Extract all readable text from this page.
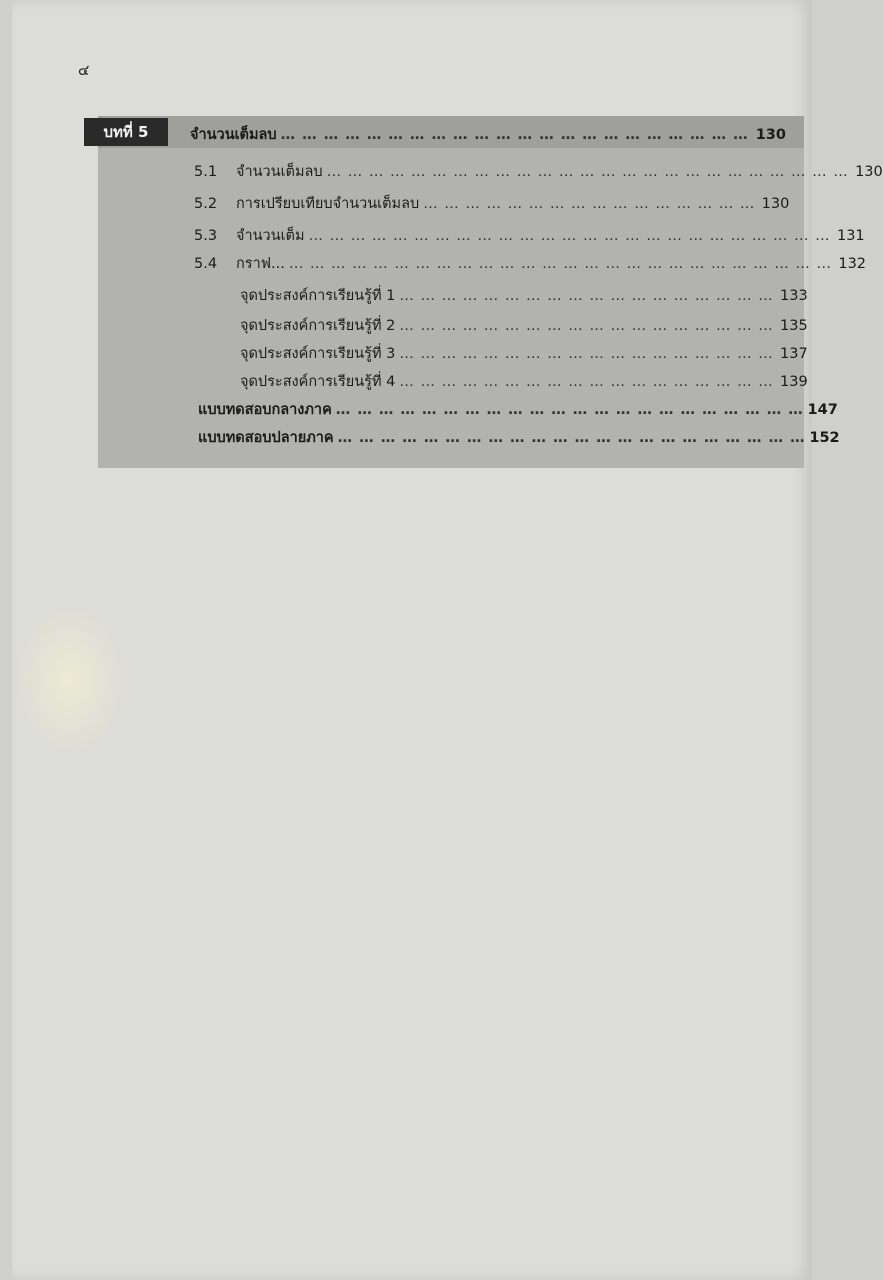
๔
บทที่ 5	จำนวนเต็มลบ … … … … … … … … … … … … … … … … … … … … … … 130
5.1	จำนวนเต็มลบ … … … … … … … … … … … … … … … … … … … … … … … … … 130
5.2	การเปรียบเทียบจำนวนเต็มลบ … … … … … … … … … … … … … … … … 130
5.3	จำนวนเต็ม … … … … … … … … … … … … … … … … … … … … … … … … … 131
5.4	กราฟ... … … … … … … … … … … … … … … … … … … … … … … … … … … 132
จุดประสงค์การเรียนรู้ที่ 1 … … … … … … … … … … … … … … … … … … 133
จุดประสงค์การเรียนรู้ที่ 2 … … … … … … … … … … … … … … … … … … 135
จุดประสงค์การเรียนรู้ที่ 3 … … … … … … … … … … … … … … … … … … 137
จุดประสงค์การเรียนรู้ที่ 4 … … … … … … … … … … … … … … … … … … 139
แบบทดสอบกลางภาค … … … … … … … … … … … … … … … … … … … … … … 147
แบบทดสอบปลายภาค … … … … … … … … … … … … … … … … … … … … … … 152
